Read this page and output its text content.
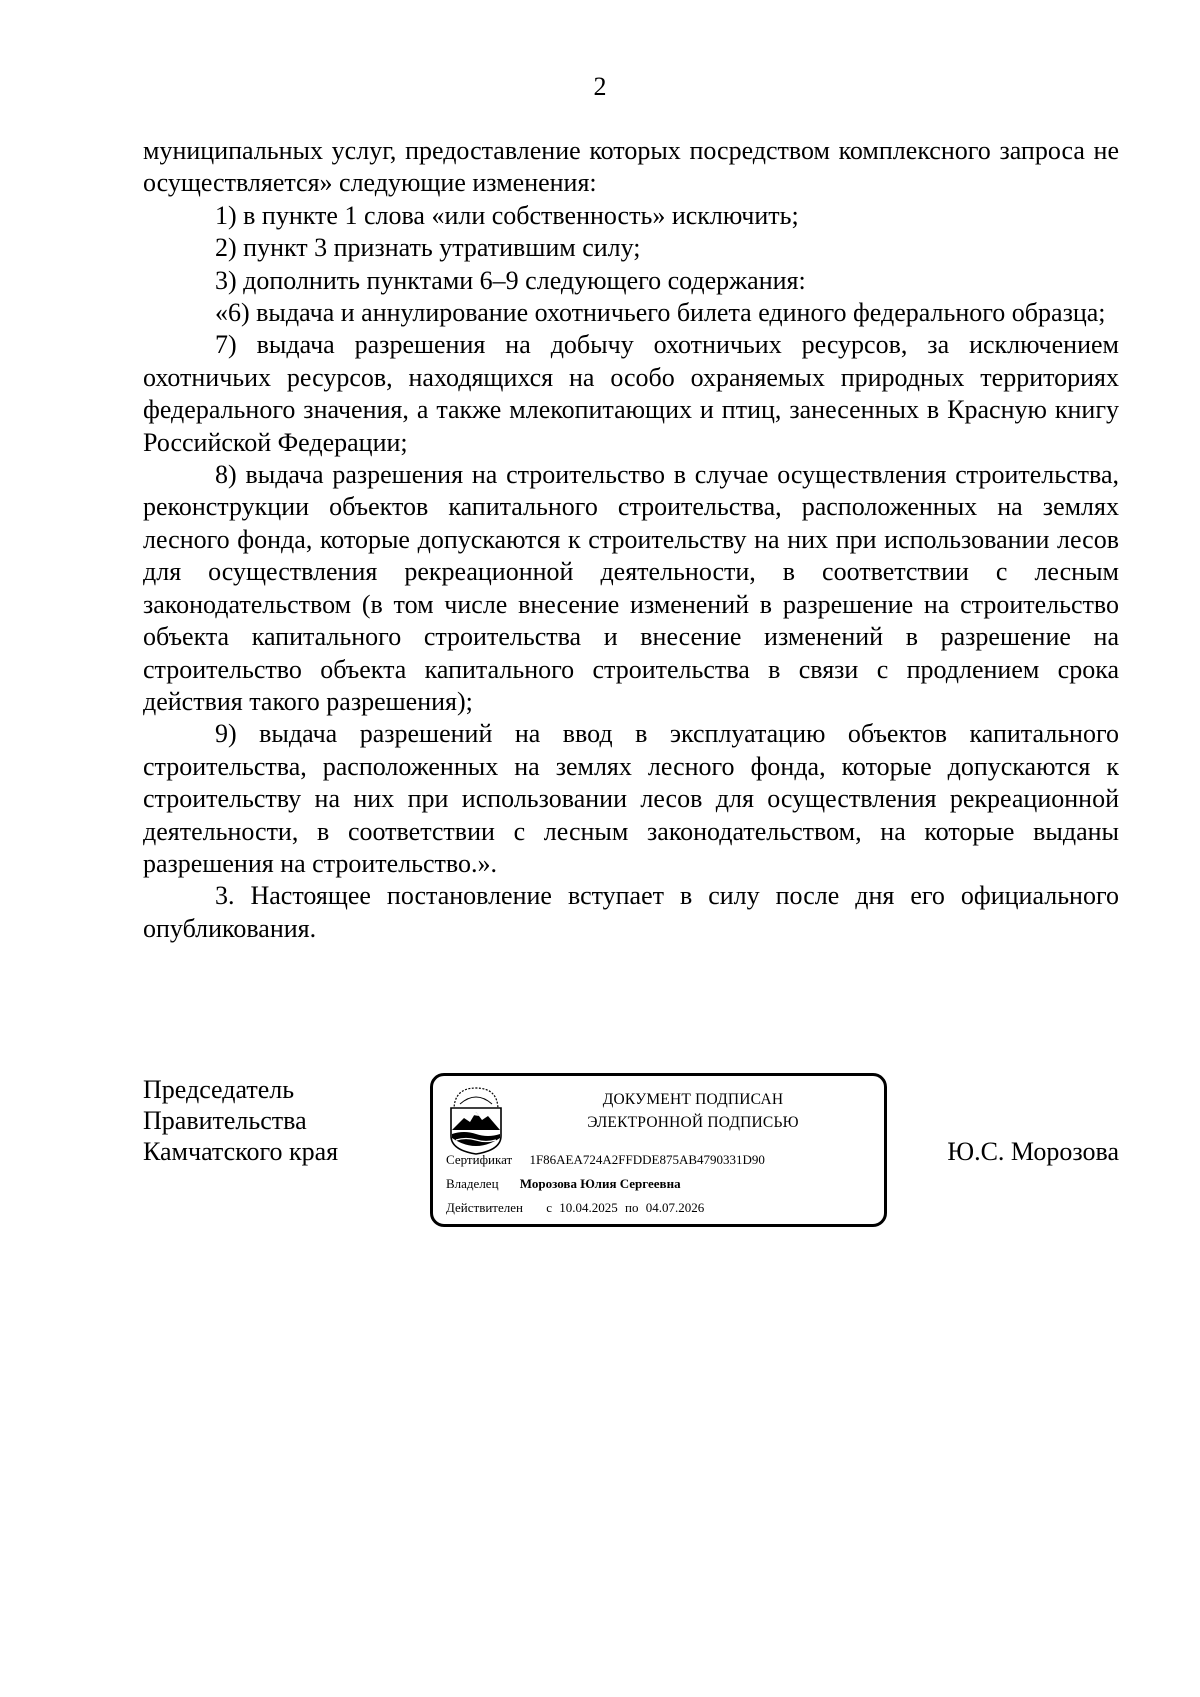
2

муниципальных услуг, предоставление которых посредством комплексного запроса не осуществляется» следующие изменения:

1) в пункте 1 слова «или собственность» исключить;

2) пункт 3 признать утратившим силу;

3) дополнить пунктами 6–9 следующего содержания:

«6) выдача и аннулирование охотничьего билета единого федерального образца;

7) выдача разрешения на добычу охотничьих ресурсов, за исключением охотничьих ресурсов, находящихся на особо охраняемых природных территориях федерального значения, а также млекопитающих и птиц, занесенных в Красную книгу Российской Федерации;

8) выдача разрешения на строительство в случае осуществления строительства, реконструкции объектов капитального строительства, расположенных на землях лесного фонда, которые допускаются к строительству на них при использовании лесов для осуществления рекреационной деятельности, в соответствии с лесным законодательством (в том числе внесение изменений в разрешение на строительство объекта капитального строительства и внесение изменений в разрешение на строительство объекта капитального строительства в связи с продлением срока действия такого разрешения);

9) выдача разрешений на ввод в эксплуатацию объектов капитального строительства, расположенных на землях лесного фонда, которые допускаются к строительству на них при использовании лесов для осуществления рекреационной деятельности, в соответствии с лесным законодательством, на которые выданы разрешения на строительство.».

3. Настоящее постановление вступает в силу после дня его официального опубликования.

Председатель
Правительства
Камчатского края	Ю.С. Морозова
ДОКУМЕНТ ПОДПИСАН
ЭЛЕКТРОННОЙ ПОДПИСЬЮ
Сертификат 1F86AEA724A2FFDDE875AB4790331D90
Владелец Морозова Юлия Сергеевна
Действителен с 10.04.2025 по 04.07.2026
